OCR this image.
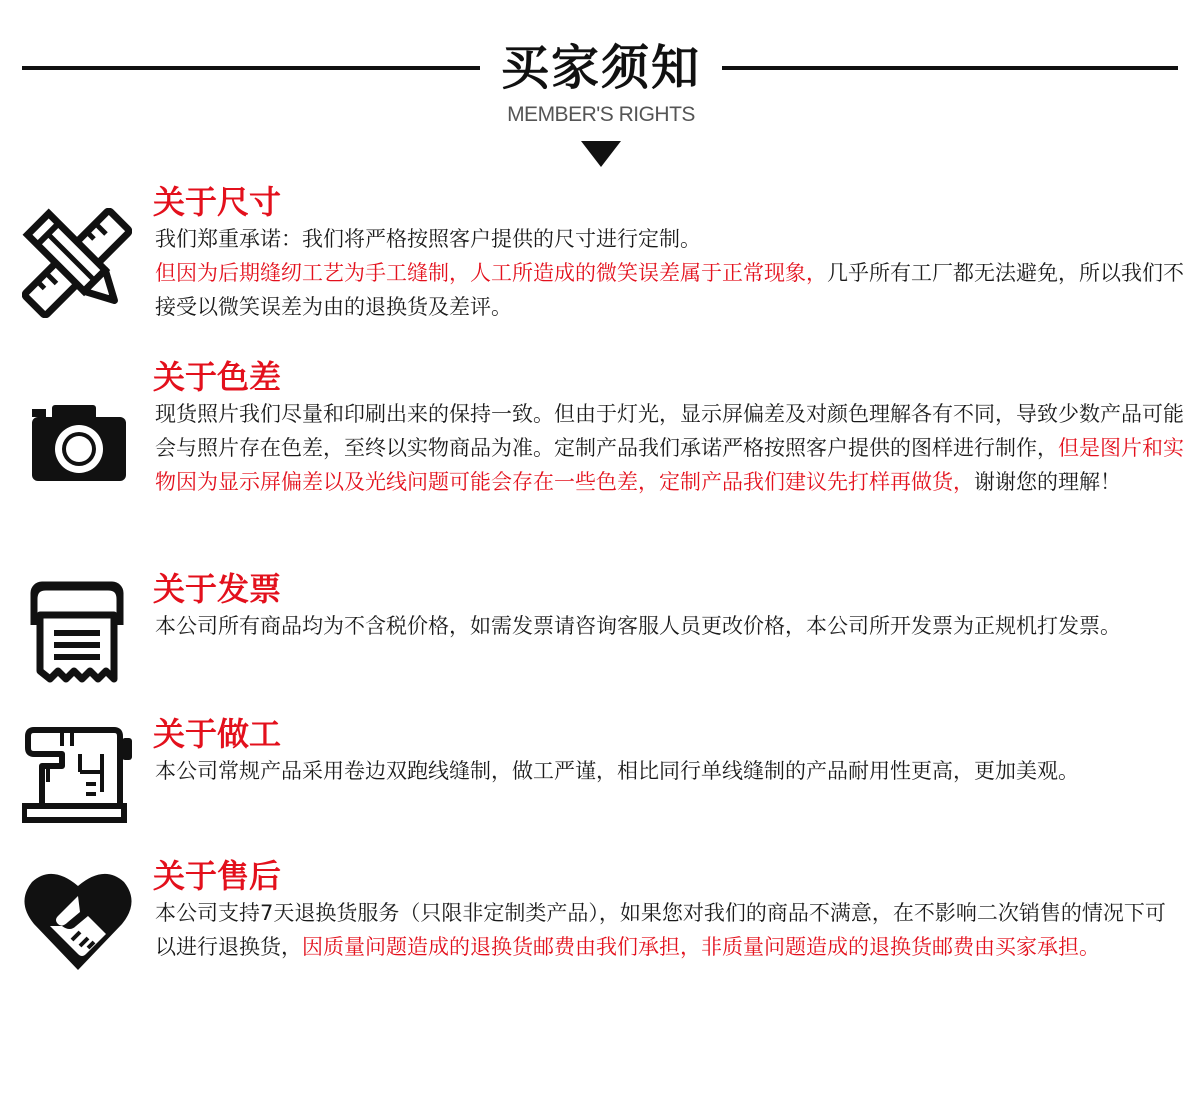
买家须知
MEMBER'S RIGHTS
关于尺寸
我们郑重承诺：我们将严格按照客户提供的尺寸进行定制。
但因为后期缝纫工艺为手工缝制，人工所造成的微笑误差属于正常现象，几乎所有工厂都无法避免，所以我们不接受以微笑误差为由的退换货及差评。
关于色差
现货照片我们尽量和印刷出来的保持一致。但由于灯光，显示屏偏差及对颜色理解各有不同，导致少数产品可能会与照片存在色差，至终以实物商品为准。定制产品我们承诺严格按照客户提供的图样进行制作，但是图片和实物因为显示屏偏差以及光线问题可能会存在一些色差，定制产品我们建议先打样再做货，谢谢您的理解！
关于发票
本公司所有商品均为不含税价格，如需发票请咨询客服人员更改价格，本公司所开发票为正规机打发票。
关于做工
本公司常规产品采用卷边双跑线缝制，做工严谨，相比同行单线缝制的产品耐用性更高，更加美观。
关于售后
本公司支持7天退换货服务（只限非定制类产品），如果您对我们的商品不满意，在不影响二次销售的情况下可以进行退换货，因质量问题造成的退换货邮费由我们承担，非质量问题造成的退换货邮费由买家承担。
